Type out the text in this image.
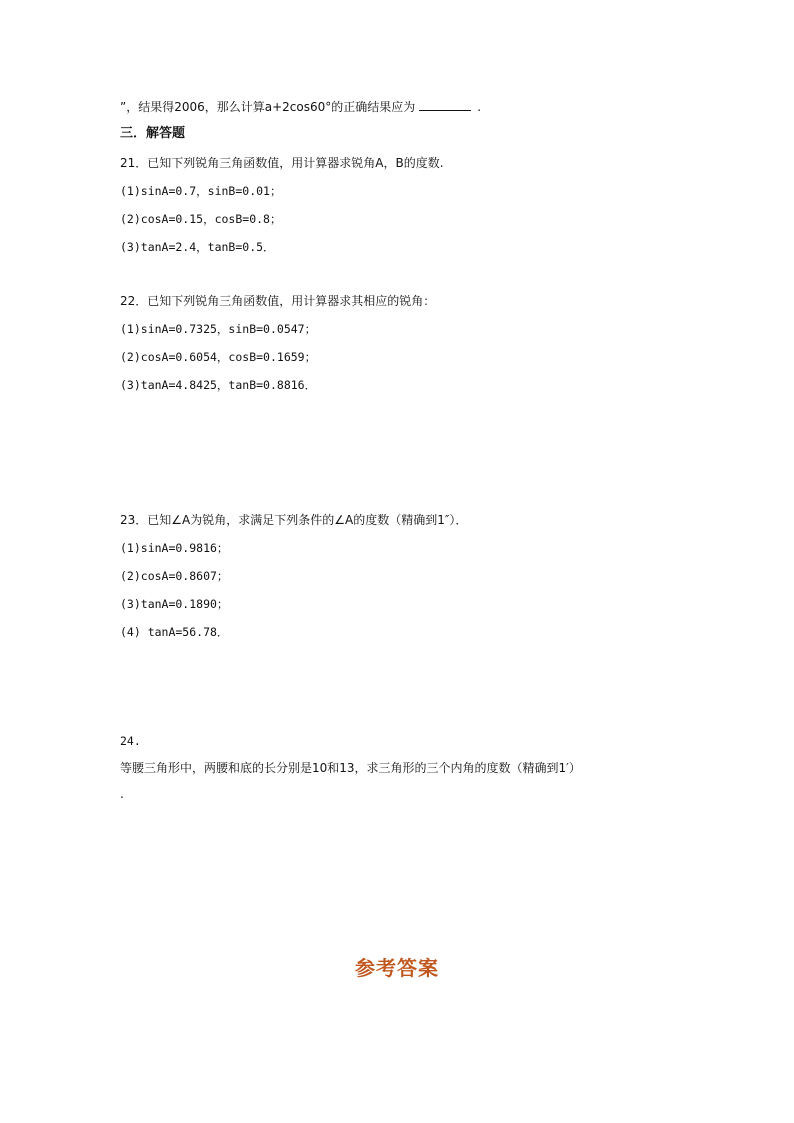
”，结果得2006，那么计算a+2cos60°的正确结果应为	.
三．解答题
21．已知下列锐角三角函数值，用计算器求锐角A，B的度数.
(1)sinA=0.7，sinB=0.01；
(2)cosA=0.15，cosB=0.8；
(3)tanA=2.4，tanB=0.5．
22．已知下列锐角三角函数值，用计算器求其相应的锐角：
(1)sinA=0.7325，sinB=0.0547；
(2)cosA=0.6054，cosB=0.1659；
(3)tanA=4.8425，tanB=0.8816．
23．已知∠A为锐角，求满足下列条件的∠A的度数（精确到1″）．
(1)sinA=0.9816；
(2)cosA=0.8607；
(3)tanA=0.1890；
(4) tanA=56.78．
24.
等腰三角形中，两腰和底的长分别是10和13，求三角形的三个内角的度数（精确到1′）
.
参考答案
